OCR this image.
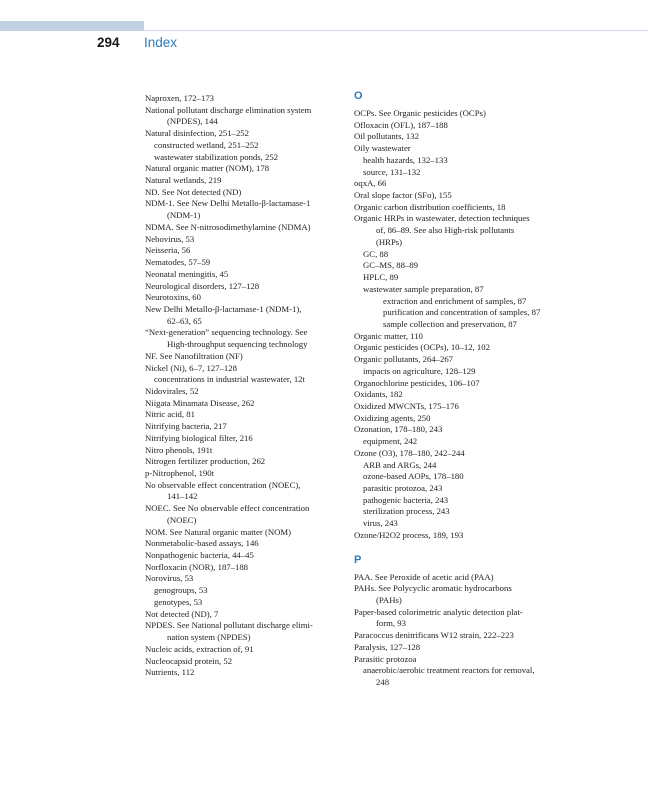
294 Index
Naproxen, 172–173
National pollutant discharge elimination system
(NPDES), 144
Natural disinfection, 251–252
constructed wetland, 251–252
wastewater stabilization ponds, 252
Natural organic matter (NOM), 178
Natural wetlands, 219
ND. See Not detected (ND)
NDM-1. See New Delhi Metallo-β-lactamase-1
(NDM-1)
NDMA. See N-nitrosodimethylamine (NDMA)
Nebovirus, 53
Neisseria, 56
Nematodes, 57–59
Neonatal meningitis, 45
Neurological disorders, 127–128
Neurotoxins, 60
New Delhi Metallo-β-lactamase-1 (NDM-1),
62–63, 65
“Next-generation” sequencing technology. See
High-throughput sequencing technology
NF. See Nanofiltration (NF)
Nickel (Ni), 6–7, 127–128
concentrations in industrial wastewater, 12t
Nidovirales, 52
Niigata Minamata Disease, 262
Nitric acid, 81
Nitrifying bacteria, 217
Nitrifying biological filter, 216
Nitro phenols, 191t
Nitrogen fertilizer production, 262
p-Nitrophenol, 190t
No observable effect concentration (NOEC),
141–142
NOEC. See No observable effect concentration
(NOEC)
NOM. See Natural organic matter (NOM)
Nonmetabolic-based assays, 146
Nonpathogenic bacteria, 44–45
Norfloxacin (NOR), 187–188
Norovirus, 53
genogroups, 53
genotypes, 53
Not detected (ND), 7
NPDES. See National pollutant discharge elimi-
nation system (NPDES)
Nucleic acids, extraction of, 91
Nucleocapsid protein, 52
Nutrients, 112
O
OCPs. See Organic pesticides (OCPs)
Ofloxacin (OFL), 187–188
Oil pollutants, 132
Oily wastewater
health hazards, 132–133
source, 131–132
oqxA, 66
Oral slope factor (SFo), 155
Organic carbon distribution coefficients, 18
Organic HRPs in wastewater, detection techniques
of, 86–89. See also High-risk pollutants
(HRPs)
GC, 88
GC–MS, 88–89
HPLC, 89
wastewater sample preparation, 87
extraction and enrichment of samples, 87
purification and concentration of samples, 87
sample collection and preservation, 87
Organic matter, 110
Organic pesticides (OCPs), 10–12, 102
Organic pollutants, 264–267
impacts on agriculture, 128–129
Organochlorine pesticides, 106–107
Oxidants, 182
Oxidized MWCNTs, 175–176
Oxidizing agents, 250
Ozonation, 178–180, 243
equipment, 242
Ozone (O3), 178–180, 242–244
ARB and ARGs, 244
ozone-based AOPs, 178–180
parasitic protozoa, 243
pathogenic bacteria, 243
sterilization process, 243
virus, 243
Ozone/H2O2 process, 189, 193
P
PAA. See Peroxide of acetic acid (PAA)
PAHs. See Polycyclic aromatic hydrocarbons
(PAHs)
Paper-based colorimetric analytic detection plat-
form, 93
Paracoccus denitrificans W12 strain, 222–223
Paralysis, 127–128
Parasitic protozoa
anaerobic/aerobic treatment reactors for removal,
248
